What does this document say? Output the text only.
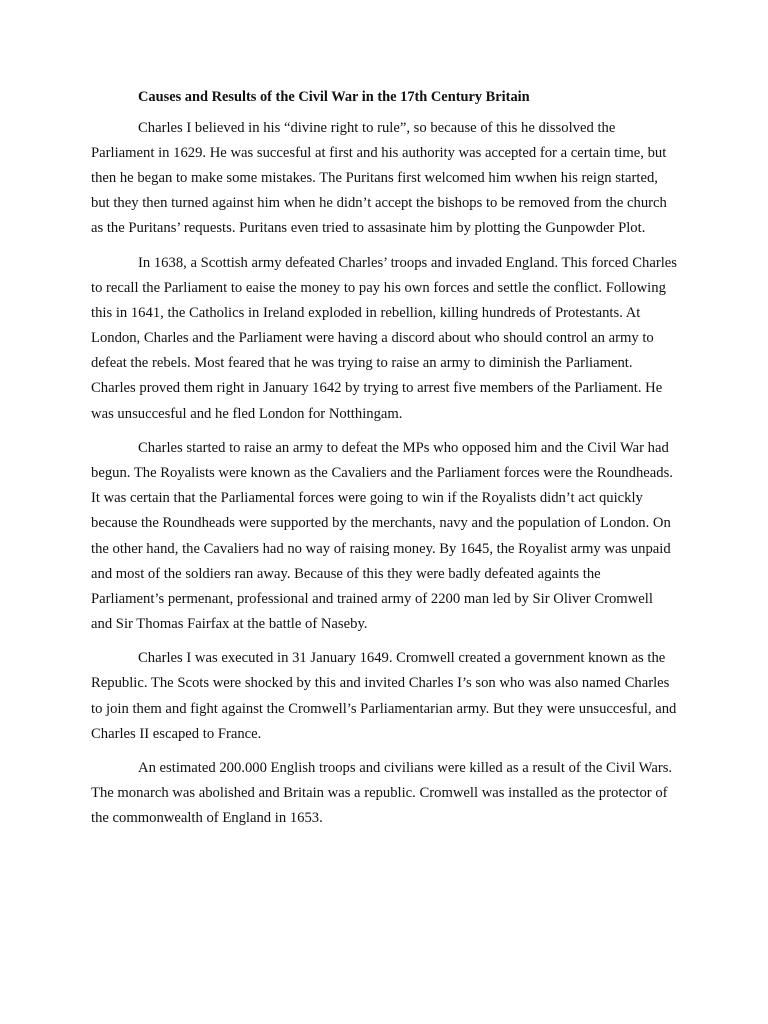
Causes and Results of the Civil War in the 17th Century Britain

Charles I believed in his “divine right to rule”, so because of this he dissolved the Parliament in 1629. He was succesful at first and his authority was accepted for a certain time, but then he began to make some mistakes. The Puritans first welcomed him wwhen his reign started, but they then turned against him when he didn’t accept the bishops to be removed from the church as the Puritans’ requests. Puritans even tried to assasinate him by plotting the Gunpowder Plot.

In 1638, a Scottish army defeated Charles’ troops and invaded England. This forced Charles to recall the Parliament to eaise the money to pay his own forces and settle the conflict. Following this in 1641, the Catholics in Ireland exploded in rebellion, killing hundreds of Protestants. At London, Charles and the Parliament were having a discord about who should control an army to defeat the rebels. Most feared that he was trying to raise an army to diminish the Parliament. Charles proved them right in January 1642 by trying to arrest five members of the Parliament. He was unsuccesful and he fled London for Notthingam.

Charles started to raise an army to defeat the MPs who opposed him and the Civil War had begun. The Royalists were known as the Cavaliers and the Parliament forces were the Roundheads. It was certain that the Parliamental forces were going to win if the Royalists didn’t act quickly because the Roundheads were supported by the merchants, navy and the population of London. On the other hand, the Cavaliers had no way of raising money. By 1645, the Royalist army was unpaid and most of the soldiers ran away. Because of this they were badly defeated againts the Parliament’s permenant, professional and trained army of 2200 man led by Sir Oliver Cromwell and Sir Thomas Fairfax at the battle of Naseby.

Charles I was executed in 31 January 1649. Cromwell created a government known as the Republic. The Scots were shocked by this and invited Charles I’s son who was also named Charles to join them and fight against the Cromwell’s Parliamentarian army. But they were unsuccesful, and Charles II escaped to France.

An estimated 200.000 English troops and civilians were killed as a result of the Civil Wars. The monarch was abolished and Britain was a republic. Cromwell was installed as the protector of the commonwealth of England in 1653.
